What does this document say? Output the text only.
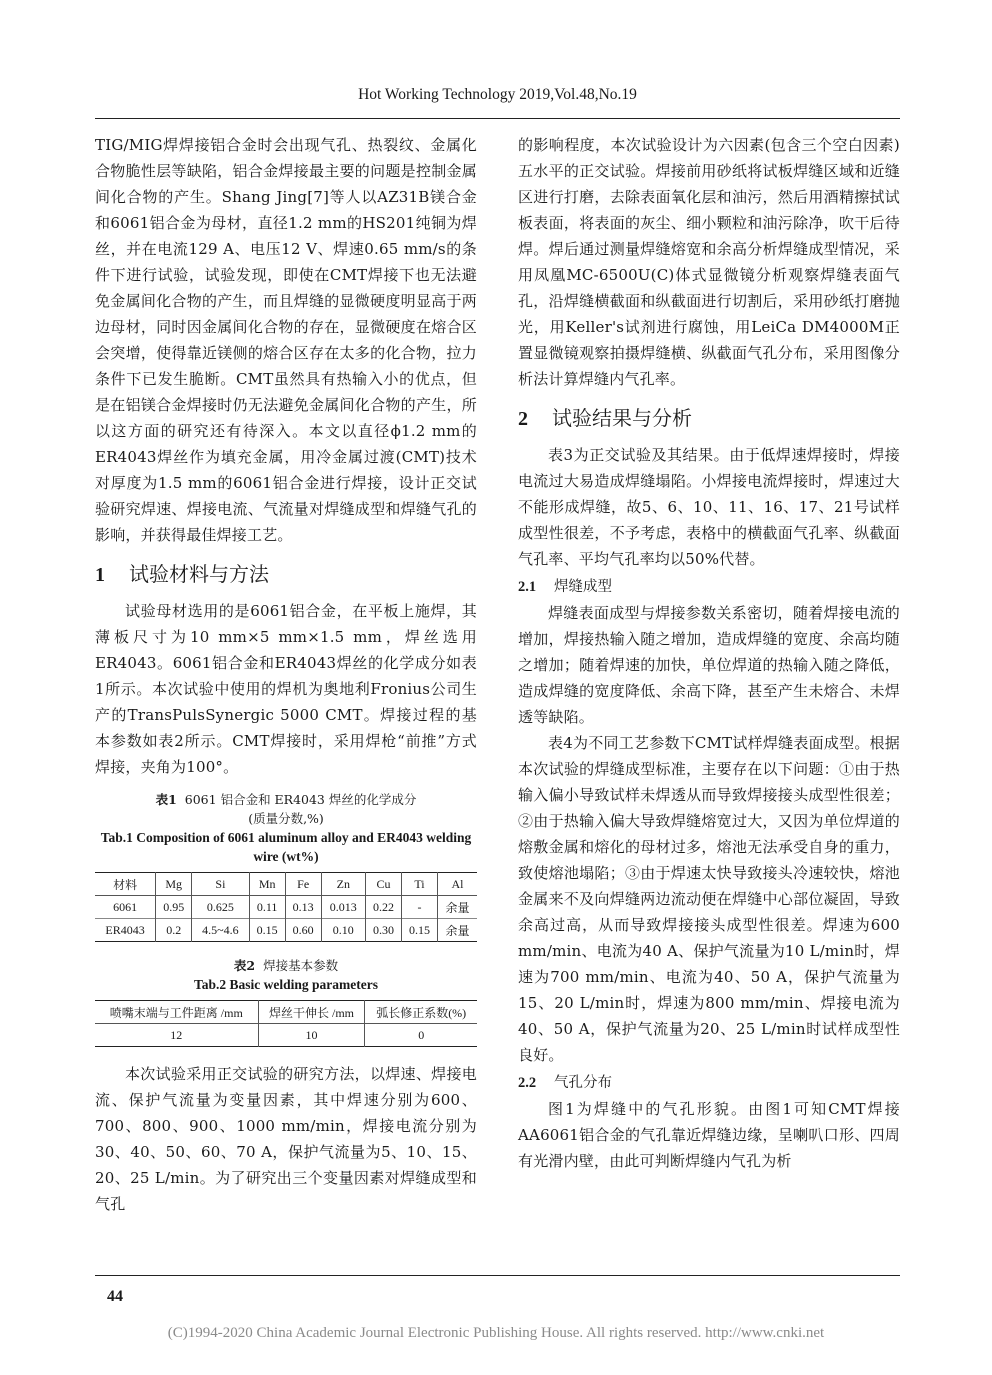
Hot Working Technology 2019,Vol.48,No.19

TIG/MIG焊焊接铝合金时会出现气孔、热裂纹、金属化合物脆性层等缺陷，铝合金焊接最主要的问题是控制金属间化合物的产生。Shang Jing[7]等人以AZ31B镁合金和6061铝合金为母材，直径1.2 mm的HS201纯铜为焊丝，并在电流129 A、电压12 V、焊速0.65 mm/s的条件下进行试验，试验发现，即使在CMT焊接下也无法避免金属间化合物的产生，而且焊缝的显微硬度明显高于两边母材，同时因金属间化合物的存在，显微硬度在熔合区会突增，使得靠近镁侧的熔合区存在太多的化合物，拉力条件下已发生脆断。CMT虽然具有热输入小的优点，但是在铝镁合金焊接时仍无法避免金属间化合物的产生，所以这方面的研究还有待深入。本文以直径ϕ1.2 mm的ER4043焊丝作为填充金属，用冷金属过渡(CMT)技术对厚度为1.5 mm的6061铝合金进行焊接，设计正交试验研究焊速、焊接电流、气流量对焊缝成型和焊缝气孔的影响，并获得最佳焊接工艺。

1 试验材料与方法

试验母材选用的是6061铝合金，在平板上施焊，其薄板尺寸为10 mm×5 mm×1.5 mm，焊丝选用ER4043。6061铝合金和ER4043焊丝的化学成分如表1所示。本次试验中使用的焊机为奥地利Fronius公司生产的TransPulsSynergic 5000 CMT。焊接过程的基本参数如表2所示。CMT焊接时，采用焊枪“前推”方式焊接，夹角为100°。

表1 6061 铝合金和 ER4043 焊丝的化学成分

(质量分数,%)

Tab.1 Composition of 6061 aluminum alloy and ER4043 welding wire (wt%)

材料	Mg	Si	Mn	Fe	Zn	Cu	Ti	Al
6061	0.95	0.625	0.11	0.13	0.013	0.22	-	余量
ER4043	0.2	4.5~4.6	0.15	0.60	0.10	0.30	0.15	余量

表2 焊接基本参数

Tab.2 Basic welding parameters

喷嘴末端与工件距离 /mm	焊丝干伸长 /mm	弧长修正系数(%)
12	10	0

本次试验采用正交试验的研究方法，以焊速、焊接电流、保护气流量为变量因素，其中焊速分别为600、700、800、900、1000 mm/min，焊接电流分别为30、40、50、60、70 A，保护气流量为5、10、15、20、25 L/min。为了研究出三个变量因素对焊缝成型和气孔

的影响程度，本次试验设计为六因素(包含三个空白因素)五水平的正交试验。焊接前用砂纸将试板焊缝区域和近缝区进行打磨，去除表面氧化层和油污，然后用酒精擦拭试板表面，将表面的灰尘、细小颗粒和油污除净，吹干后待焊。焊后通过测量焊缝熔宽和余高分析焊缝成型情况，采用凤凰MC-6500U(C)体式显微镜分析观察焊缝表面气孔，沿焊缝横截面和纵截面进行切割后，采用砂纸打磨抛光，用Keller's试剂进行腐蚀，用LeiCa DM4000M正置显微镜观察拍摄焊缝横、纵截面气孔分布，采用图像分析法计算焊缝内气孔率。

2 试验结果与分析

表3为正交试验及其结果。由于低焊速焊接时，焊接电流过大易造成焊缝塌陷。小焊接电流焊接时，焊速过大不能形成焊缝，故5、6、10、11、16、17、21号试样成型性很差，不予考虑，表格中的横截面气孔率、纵截面气孔率、平均气孔率均以50%代替。

2.1 焊缝成型

焊缝表面成型与焊接参数关系密切，随着焊接电流的增加，焊接热输入随之增加，造成焊缝的宽度、余高均随之增加；随着焊速的加快，单位焊道的热输入随之降低，造成焊缝的宽度降低、余高下降，甚至产生未熔合、未焊透等缺陷。

表4为不同工艺参数下CMT试样焊缝表面成型。根据本次试验的焊缝成型标准，主要存在以下问题：①由于热输入偏小导致试样未焊透从而导致焊接接头成型性很差；②由于热输入偏大导致焊缝熔宽过大，又因为单位焊道的熔敷金属和熔化的母材过多，熔池无法承受自身的重力，致使熔池塌陷；③由于焊速太快导致接头冷速较快，熔池金属来不及向焊缝两边流动便在焊缝中心部位凝固，导致余高过高，从而导致焊接接头成型性很差。焊速为600 mm/min、电流为40 A、保护气流量为10 L/min时，焊速为700 mm/min、电流为40、50 A，保护气流量为15、20 L/min时，焊速为800 mm/min、焊接电流为40、50 A，保护气流量为20、25 L/min时试样成型性良好。

2.2 气孔分布

图1为焊缝中的气孔形貌。由图1可知CMT焊接AA6061铝合金的气孔靠近焊缝边缘，呈喇叭口形、四周有光滑内壁，由此可判断焊缝内气孔为析

44
(C)1994-2020 China Academic Journal Electronic Publishing House. All rights reserved. http://www.cnki.net
